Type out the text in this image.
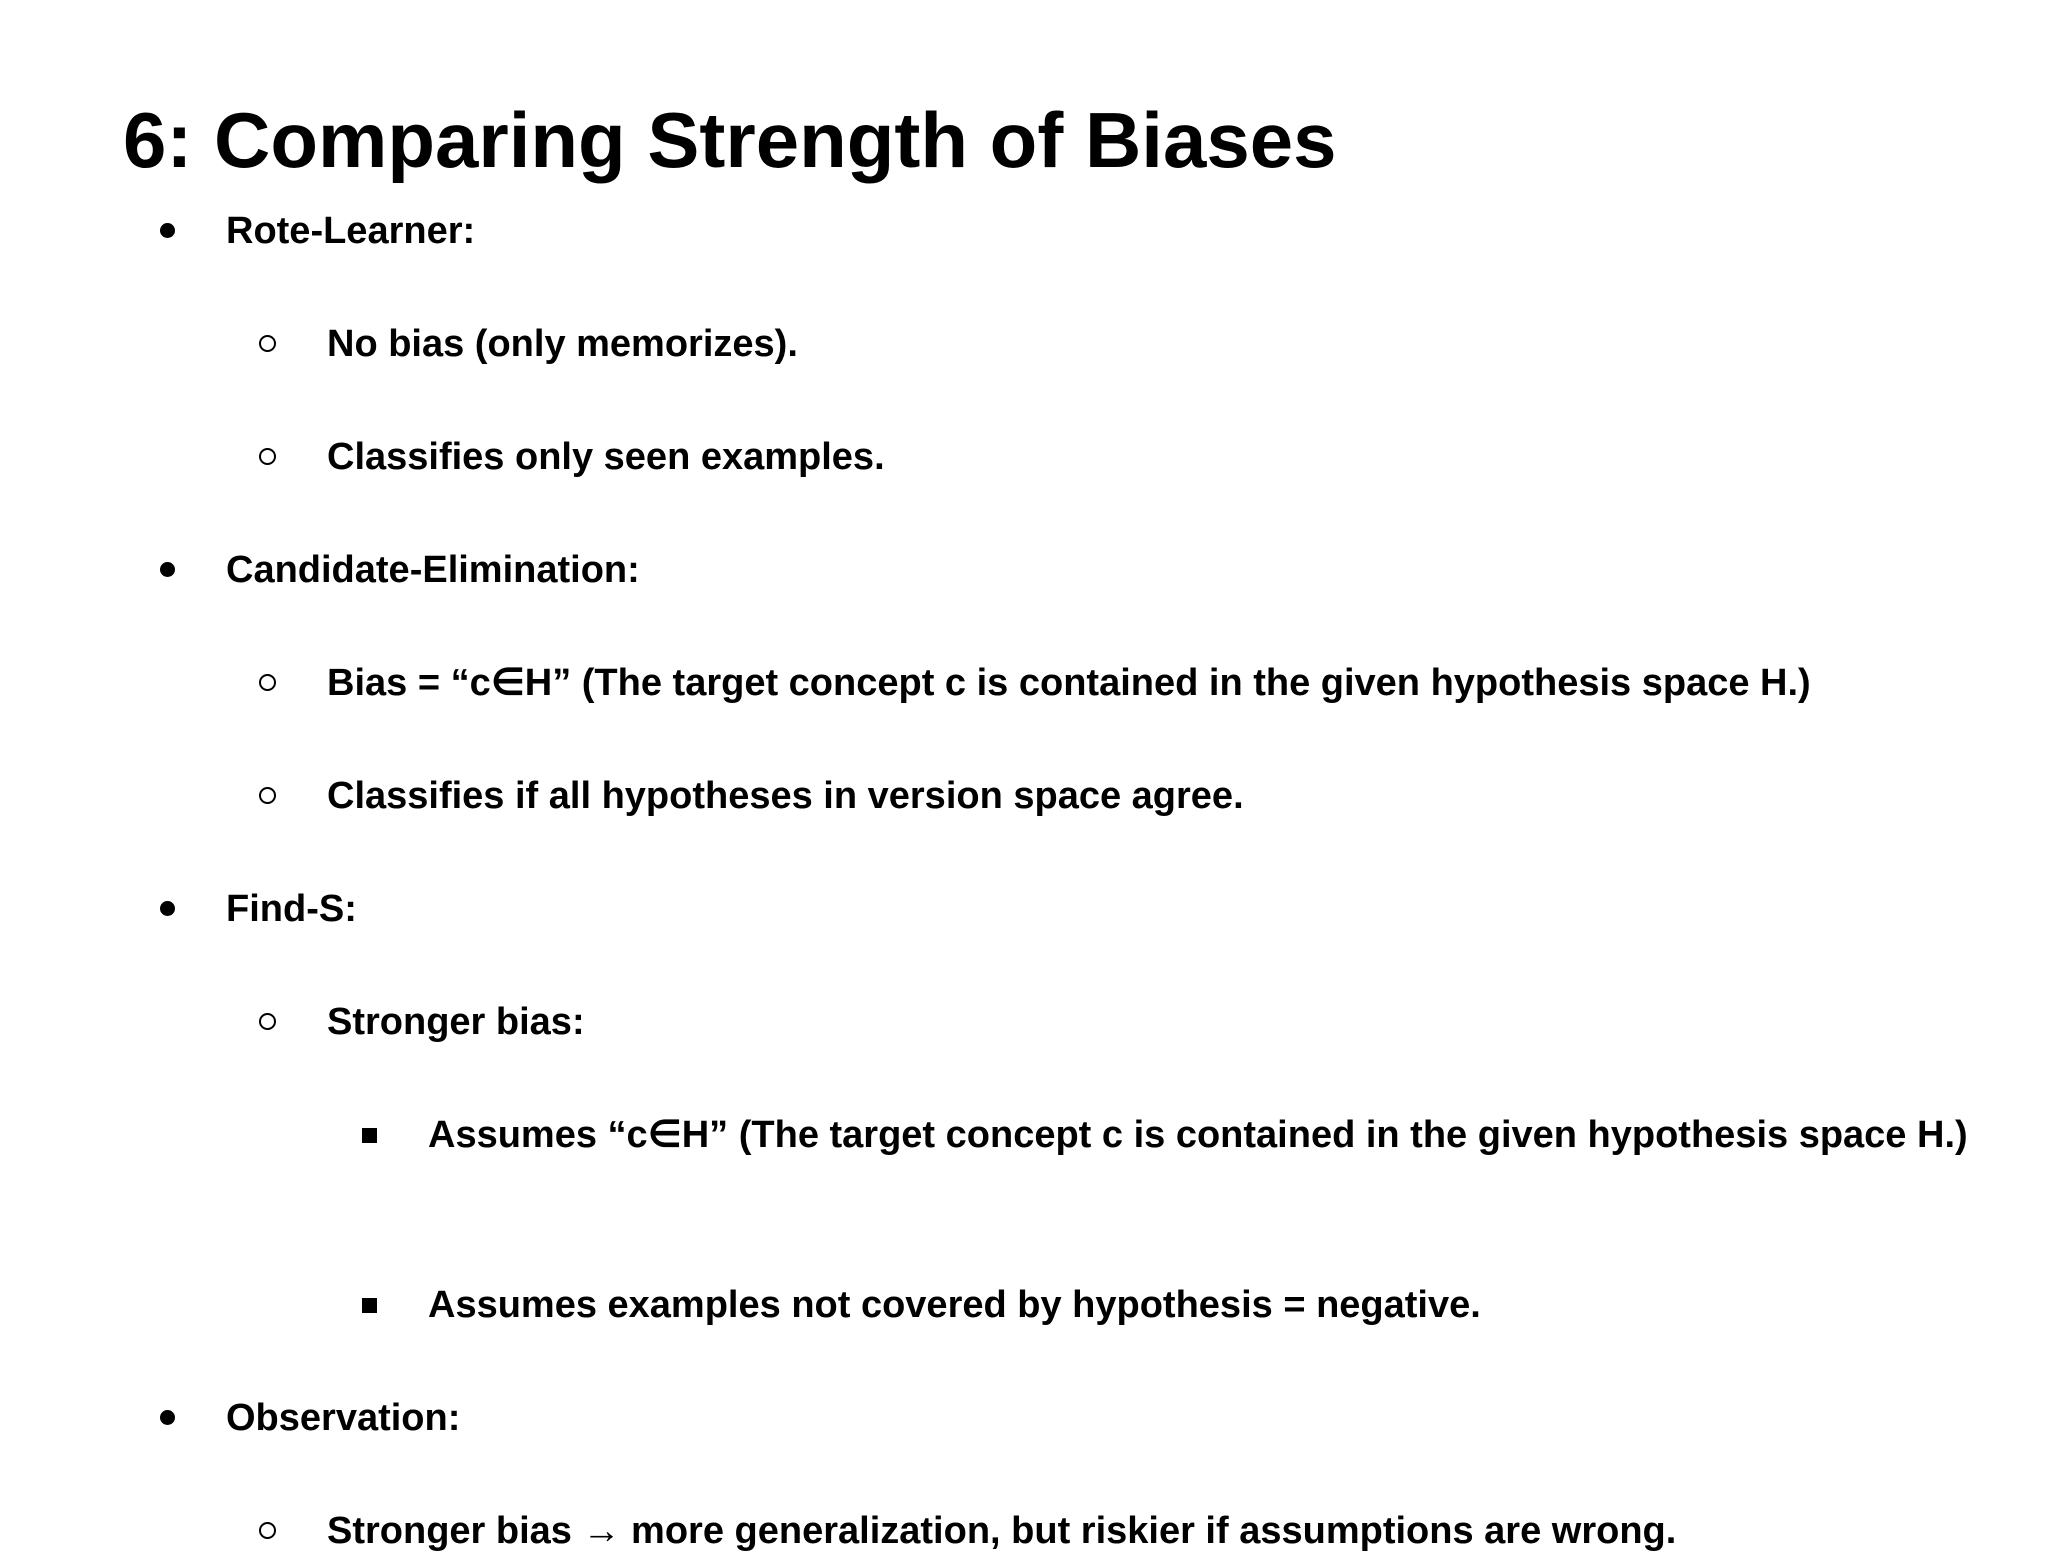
6: Comparing Strength of Biases
Rote-Learner:
No bias (only memorizes).
Classifies only seen examples.
Candidate-Elimination:
Bias = “c∈H” (The target concept c is contained in the given hypothesis space H.)
Classifies if all hypotheses in version space agree.
Find-S:
Stronger bias:
Assumes “c∈H” (The target concept c is contained in the given hypothesis space H.)
Assumes examples not covered by hypothesis = negative.
Observation:
Stronger bias → more generalization, but riskier if assumptions are wrong.
